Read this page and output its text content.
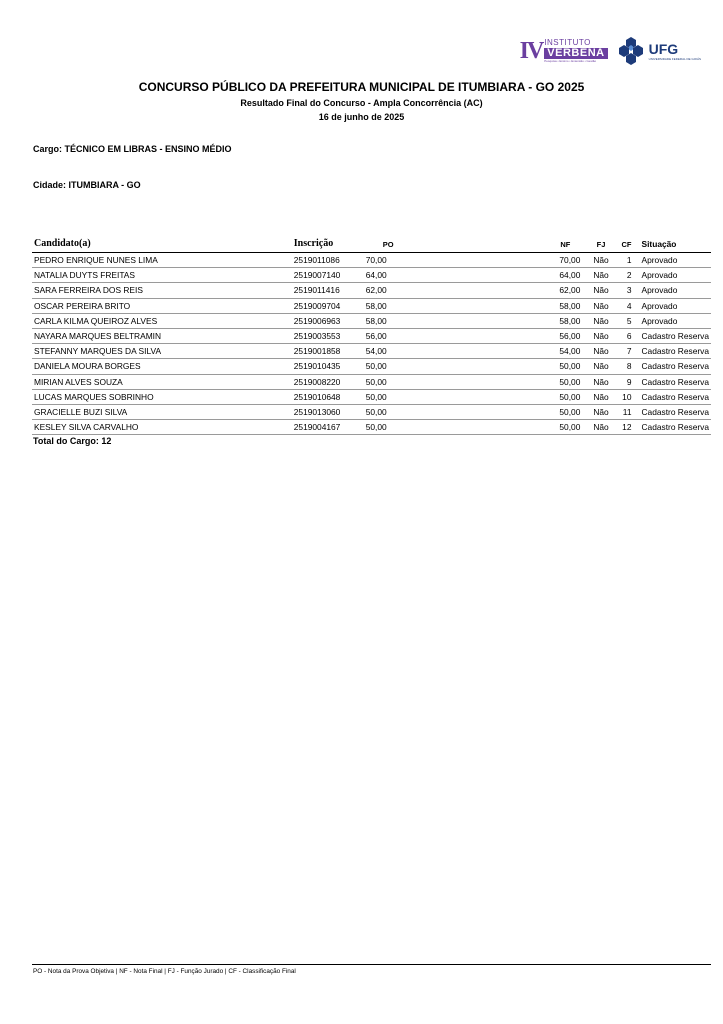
IV INSTITUTO
VERBENA
Pesquisa • Ensino • Extensão • Gestão
UFG
UNIVERSIDADE FEDERAL DE GOIÁS
CONCURSO PÚBLICO DA PREFEITURA MUNICIPAL DE ITUMBIARA - GO 2025
Resultado Final do Concurso - Ampla Concorrência (AC)
16 de junho de 2025
Cargo: TÉCNICO EM LIBRAS - ENSINO MÉDIO
Cidade: ITUMBIARA - GO
Candidato(a)	Inscrição	PO	NF	FJ	CF	Situação
PEDRO ENRIQUE NUNES LIMA	2519011086	70,00	70,00	Não	1	Aprovado
NATALIA DUYTS FREITAS	2519007140	64,00	64,00	Não	2	Aprovado
SARA FERREIRA DOS REIS	2519011416	62,00	62,00	Não	3	Aprovado
OSCAR PEREIRA BRITO	2519009704	58,00	58,00	Não	4	Aprovado
CARLA KILMA QUEIROZ ALVES	2519006963	58,00	58,00	Não	5	Aprovado
NAYARA MARQUES BELTRAMIN	2519003553	56,00	56,00	Não	6	Cadastro Reserva
STEFANNY MARQUES DA SILVA	2519001858	54,00	54,00	Não	7	Cadastro Reserva
DANIELA MOURA BORGES	2519010435	50,00	50,00	Não	8	Cadastro Reserva
MIRIAN ALVES SOUZA	2519008220	50,00	50,00	Não	9	Cadastro Reserva
LUCAS MARQUES SOBRINHO	2519010648	50,00	50,00	Não	10	Cadastro Reserva
GRACIELLE BUZI SILVA	2519013060	50,00	50,00	Não	11	Cadastro Reserva
KESLEY SILVA CARVALHO	2519004167	50,00	50,00	Não	12	Cadastro Reserva
Total do Cargo: 12
PO - Nota da Prova Objetiva | NF - Nota Final | FJ - Função Jurado | CF - Classificação Final
